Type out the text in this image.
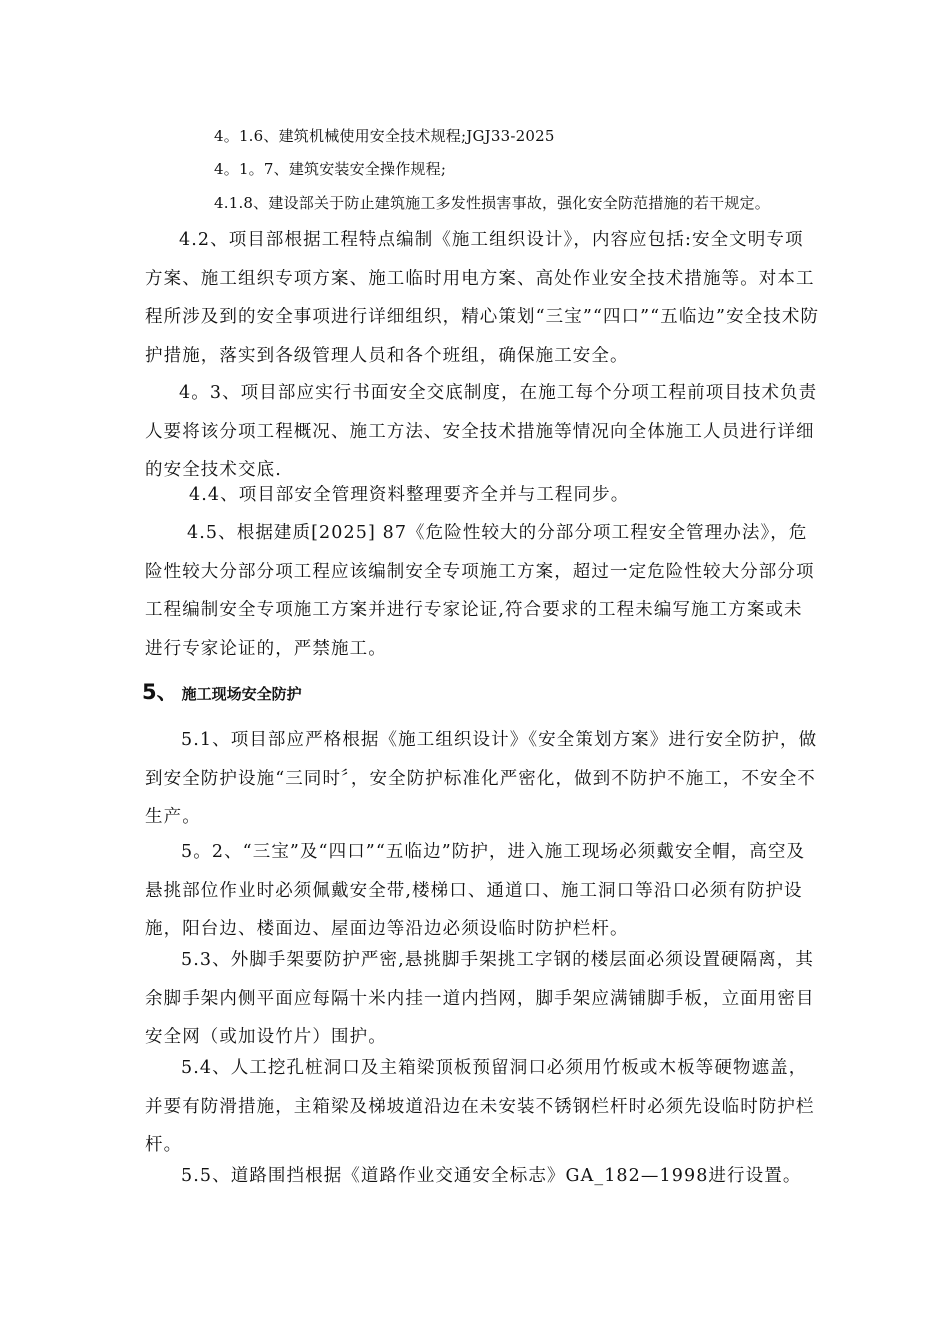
4。1.6、建筑机械使用安全技术规程;JGJ33-2025
4。1。7、建筑安装安全操作规程;
4.1.8、建设部关于防止建筑施工多发性损害事故，强化安全防范措施的若干规定。

4.2、项目部根据工程特点编制《施工组织设计》，内容应包括:安全文明专项方案、施工组织专项方案、施工临时用电方案、高处作业安全技术措施等。对本工程所涉及到的安全事项进行详细组织，精心策划“三宝”“四口”“五临边”安全技术防护措施，落实到各级管理人员和各个班组，确保施工安全。

4。3、项目部应实行书面安全交底制度，在施工每个分项工程前项目技术负责人要将该分项工程概况、施工方法、安全技术措施等情况向全体施工人员进行详细的安全技术交底.

4.4、项目部安全管理资料整理要齐全并与工程同步。

4.5、根据建质[2025] 87《危险性较大的分部分项工程安全管理办法》，危险性较大分部分项工程应该编制安全专项施工方案，超过一定危险性较大分部分项工程编制安全专项施工方案并进行专家论证,符合要求的工程未编写施工方案或未进行专家论证的，严禁施工。

5、 施工现场安全防护

5.1、项目部应严格根据《施工组织设计》《安全策划方案》进行安全防护，做到安全防护设施“三同时〞，安全防护标准化严密化，做到不防护不施工，不安全不生产。

5。2、“三宝”及“四口”“五临边”防护，进入施工现场必须戴安全帽，高空及悬挑部位作业时必须佩戴安全带,楼梯口、通道口、施工洞口等沿口必须有防护设施，阳台边、楼面边、屋面边等沿边必须设临时防护栏杆。

5.3、外脚手架要防护严密,悬挑脚手架挑工字钢的楼层面必须设置硬隔离，其余脚手架内侧平面应每隔十米内挂一道内挡网，脚手架应满铺脚手板，立面用密目安全网（或加设竹片）围护。

5.4、人工挖孔桩洞口及主箱梁顶板预留洞口必须用竹板或木板等硬物遮盖，并要有防滑措施，主箱梁及梯坡道沿边在未安装不锈钢栏杆时必须先设临时防护栏杆。

5.5、道路围挡根据《道路作业交通安全标志》GA_182—1998进行设置。
